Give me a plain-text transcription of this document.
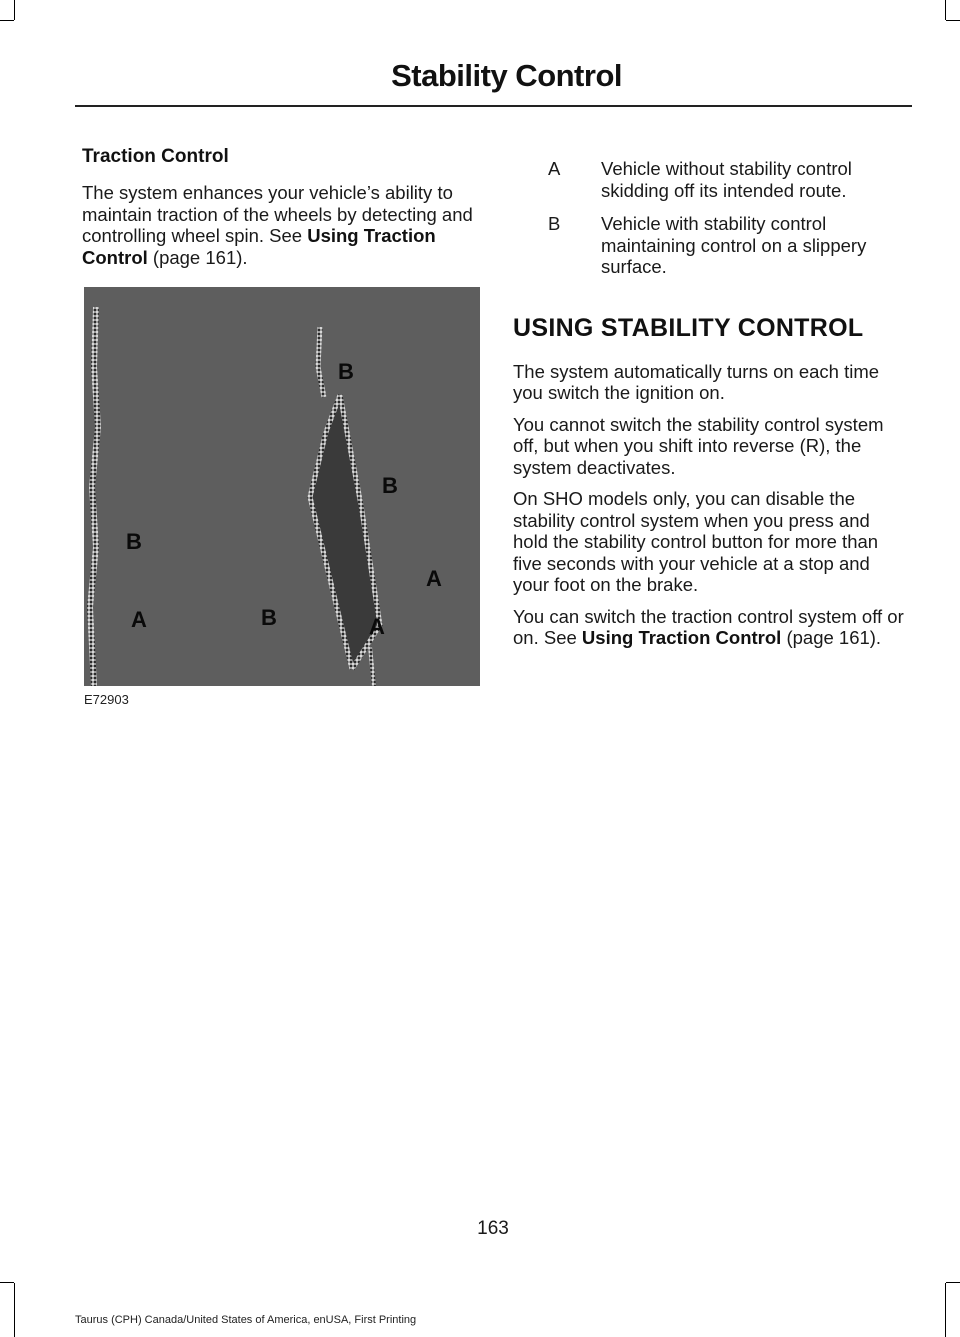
Stability Control
Traction Control

The system enhances your vehicle’s ability to maintain traction of the wheels by detecting and controlling wheel spin. See Using Traction Control (page 161).

B
B
B
A
B
A	A
E72903
A	Vehicle without stability control skidding off its intended route.
B	Vehicle with stability control maintaining control on a slippery surface.
USING STABILITY CONTROL

The system automatically turns on each time you switch the ignition on.

You cannot switch the stability control system off, but when you shift into reverse (R), the system deactivates.

On SHO models only, you can disable the stability control system when you press and hold the stability control button for more than five seconds with your vehicle at a stop and your foot on the brake.

You can switch the traction control system off or on. See Using Traction Control (page 161).

163
Taurus (CPH) Canada/United States of America, enUSA, First Printing
